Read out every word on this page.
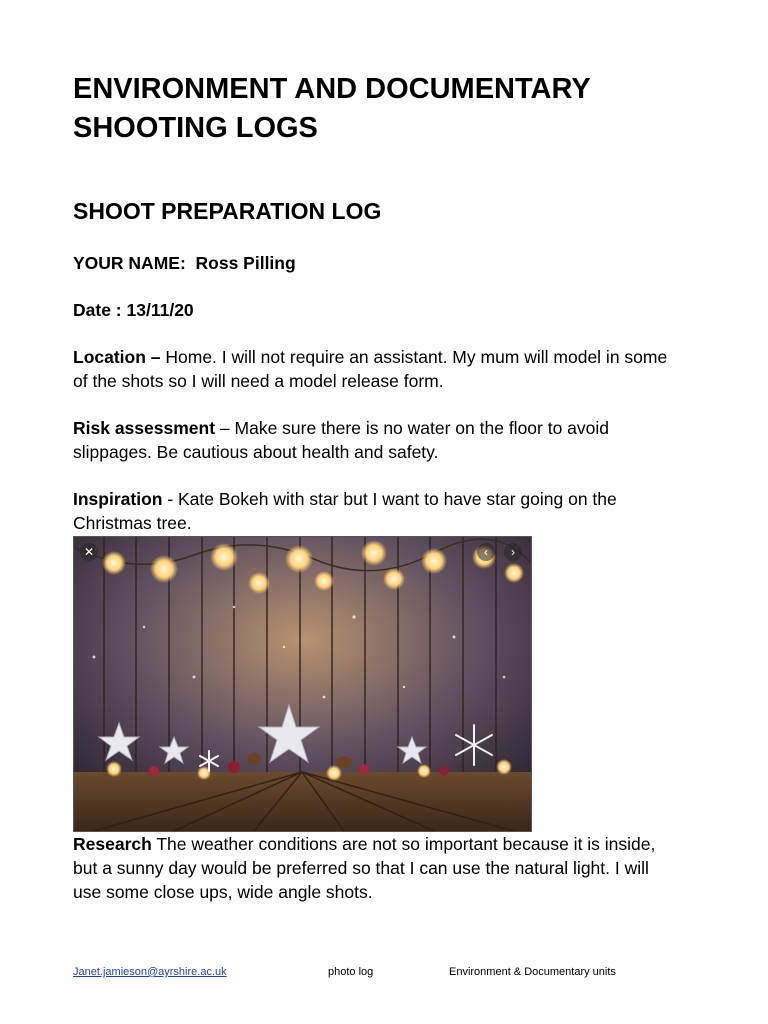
ENVIRONMENT AND DOCUMENTARY SHOOTING LOGS
SHOOT PREPARATION LOG

YOUR NAME: Ross Pilling

Date : 13/11/20

Location – Home. I will not require an assistant. My mum will model in some of the shots so I will need a model release form.

Risk assessment – Make sure there is no water on the floor to avoid slippages. Be cautious about health and safety.

Inspiration - Kate Bokeh with star but I want to have star going on the Christmas tree.

✕	‹	›

Research The weather conditions are not so important because it is inside, but a sunny day would be preferred so that I can use the natural light. I will use some close ups, wide angle shots.

Janet.jamieson@ayrshire.ac.uk	photo log	Environment & Documentary units
